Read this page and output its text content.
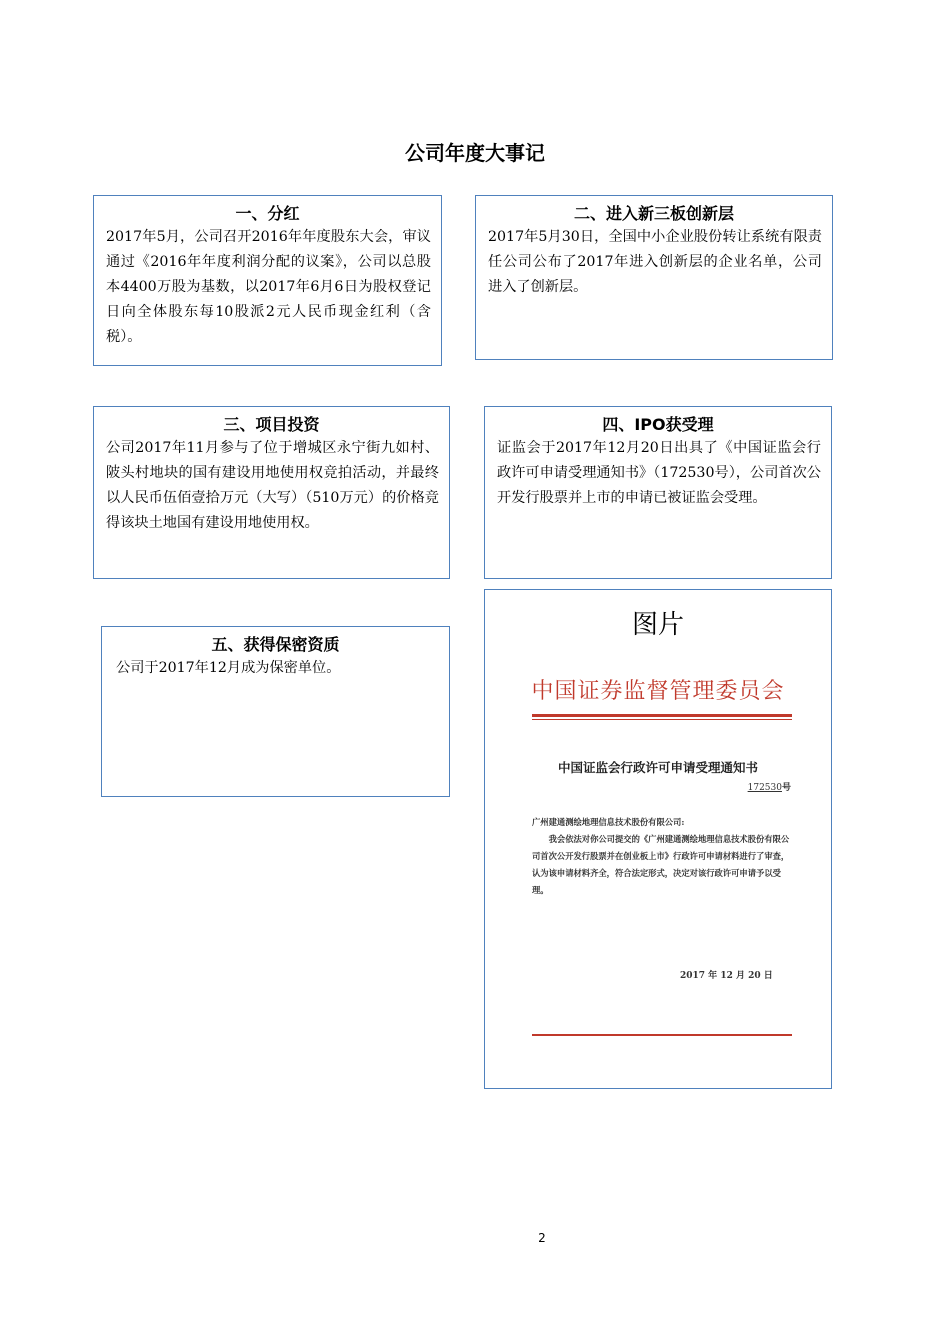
公司年度大事记
一、分红
2017年5月，公司召开2016年年度股东大会，审议通过《2016年年度利润分配的议案》，公司以总股本4400万股为基数，以2017年6月6日为股权登记日向全体股东每10股派2元人民币现金红利（含税）。
二、进入新三板创新层
2017年5月30日，全国中小企业股份转让系统有限责任公司公布了2017年进入创新层的企业名单，公司进入了创新层。
三、项目投资
公司2017年11月参与了位于增城区永宁街九如村、陂头村地块的国有建设用地使用权竞拍活动，并最终以人民币伍佰壹拾万元（大写）（510万元）的价格竞得该块土地国有建设用地使用权。
四、IPO获受理
证监会于2017年12月20日出具了《中国证监会行政许可申请受理通知书》（172530号），公司首次公开发行股票并上市的申请已被证监会受理。
五、获得保密资质
公司于2017年12月成为保密单位。
图片
中国证券监督管理委员会
中国证监会行政许可申请受理通知书
172530号

广州建通测绘地理信息技术股份有限公司:

我会依法对你公司提交的《广州建通测绘地理信息技术股份有限公司首次公开发行股票并在创业板上市》行政许可申请材料进行了审查，认为该申请材料齐全，符合法定形式，决定对该行政许可申请予以受理。

2017 年 12 月 20 日
2
